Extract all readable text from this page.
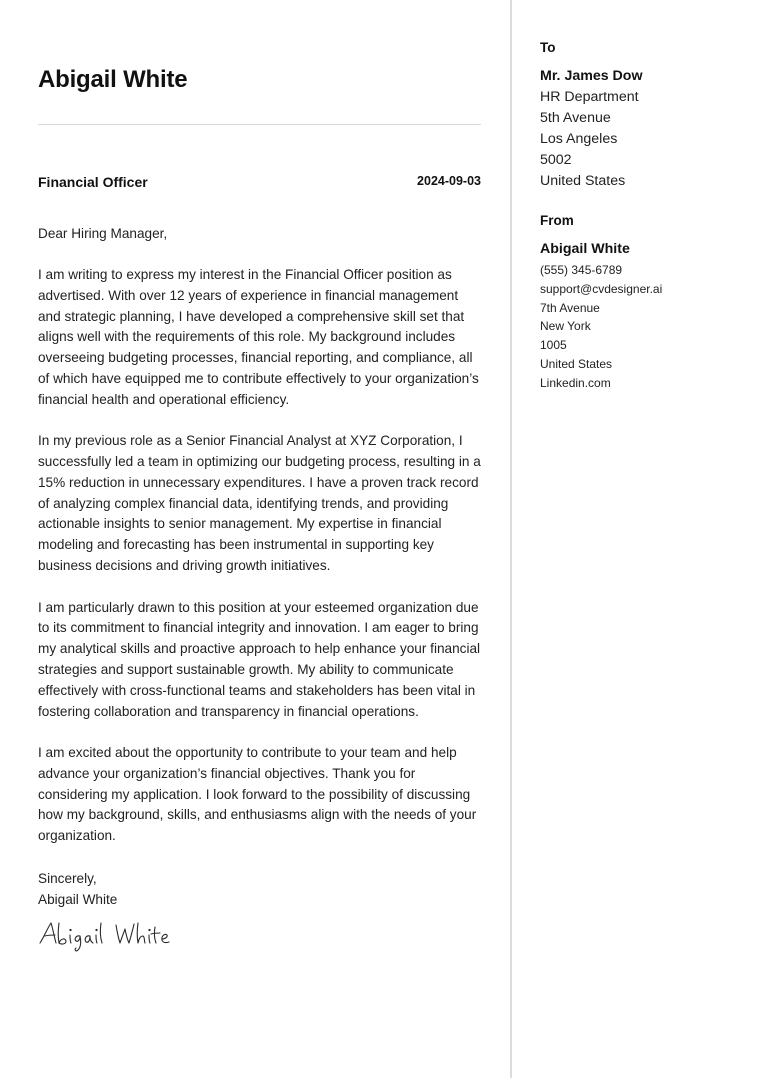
Abigail White
Financial Officer	2024-09-03
Dear Hiring Manager,

I am writing to express my interest in the Financial Officer position as advertised. With over 12 years of experience in financial management and strategic planning, I have developed a comprehensive skill set that aligns well with the requirements of this role. My background includes overseeing budgeting processes, financial reporting, and compliance, all of which have equipped me to contribute effectively to your organization’s financial health and operational efficiency.

In my previous role as a Senior Financial Analyst at XYZ Corporation, I successfully led a team in optimizing our budgeting process, resulting in a 15% reduction in unnecessary expenditures. I have a proven track record of analyzing complex financial data, identifying trends, and providing actionable insights to senior management. My expertise in financial modeling and forecasting has been instrumental in supporting key business decisions and driving growth initiatives.

I am particularly drawn to this position at your esteemed organization due to its commitment to financial integrity and innovation. I am eager to bring my analytical skills and proactive approach to help enhance your financial strategies and support sustainable growth. My ability to communicate effectively with cross-functional teams and stakeholders has been vital in fostering collaboration and transparency in financial operations.

I am excited about the opportunity to contribute to your team and help advance your organization’s financial objectives. Thank you for considering my application. I look forward to the possibility of discussing how my background, skills, and enthusiasms align with the needs of your organization.

Sincerely,
Abigail White
To
Mr. James Dow
HR Department
5th Avenue
Los Angeles
5002
United States
From
Abigail White
(555) 345-6789
support@cvdesigner.ai
7th Avenue
New York
1005
United States
Linkedin.com
